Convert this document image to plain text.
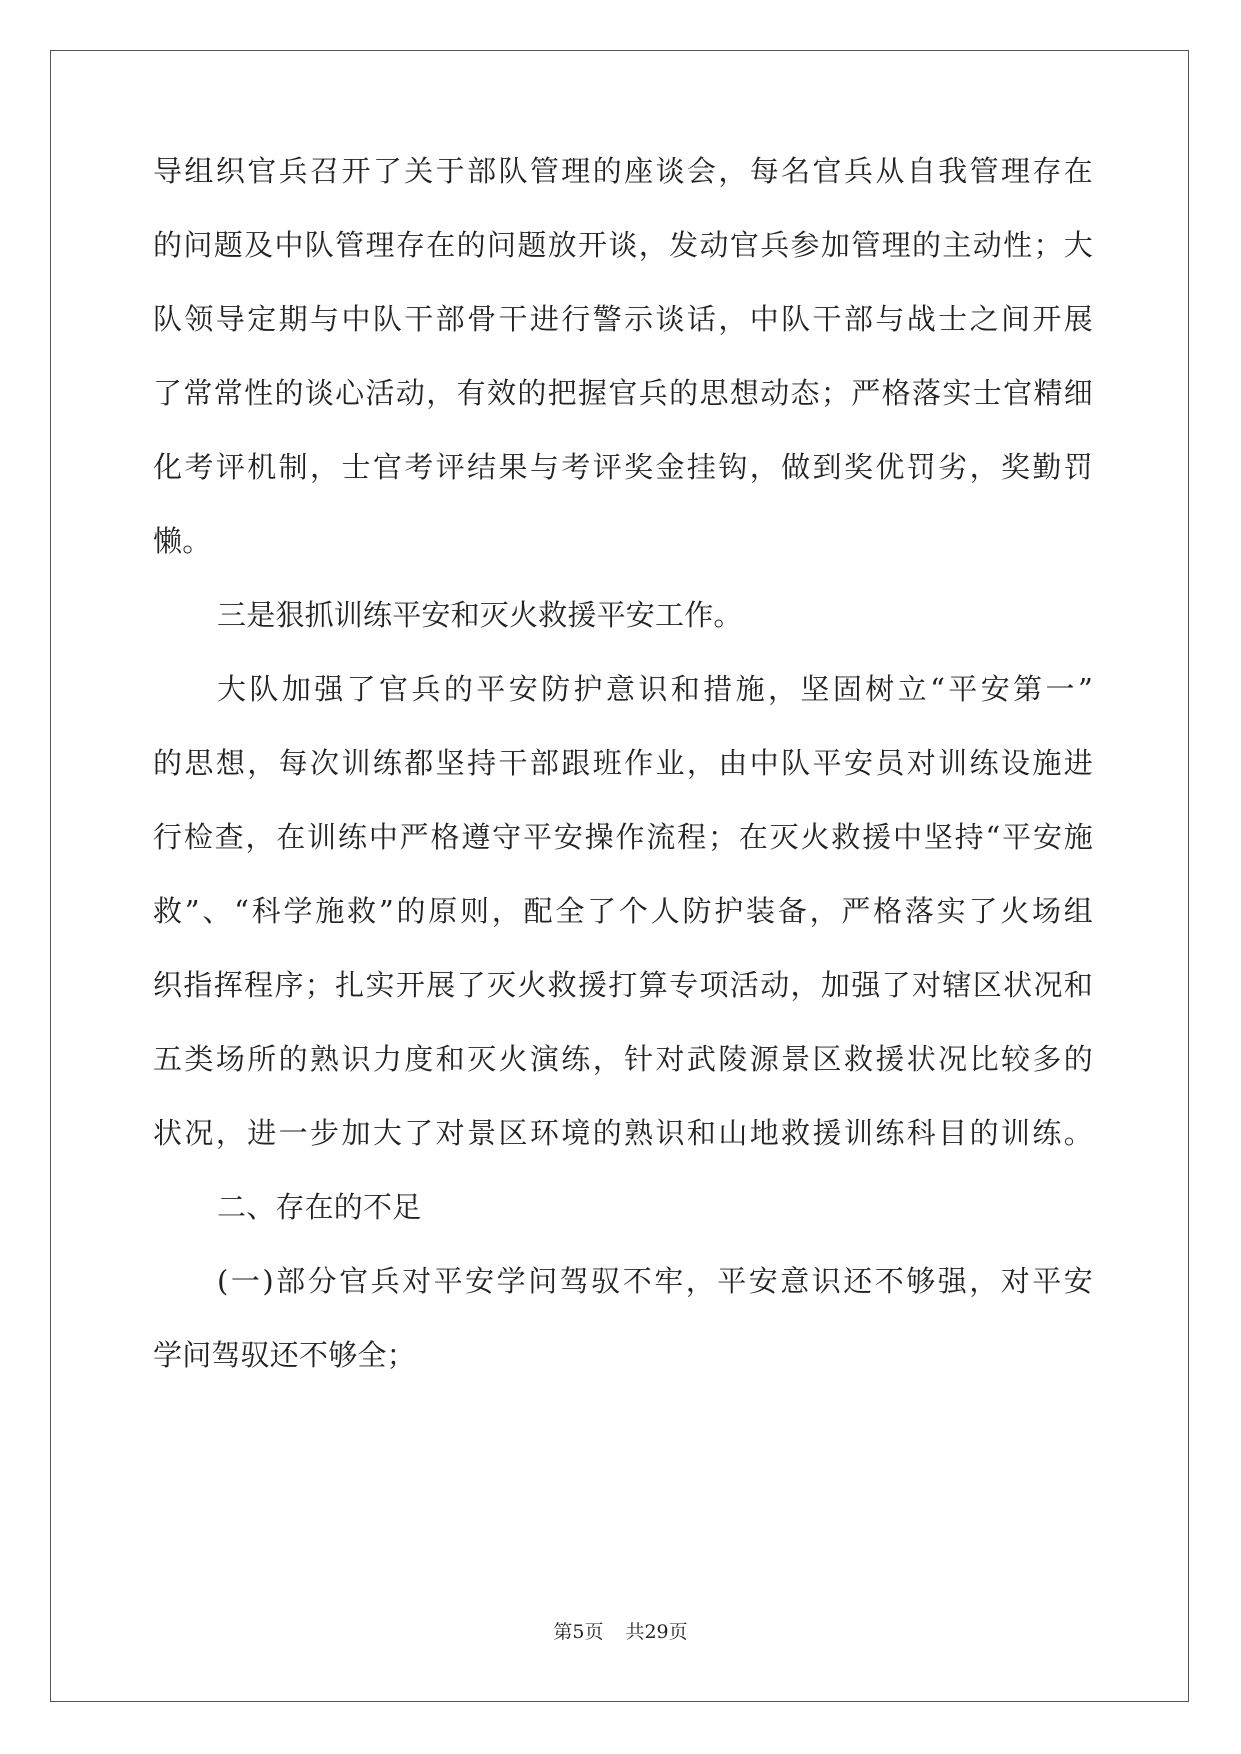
导组织官兵召开了关于部队管理的座谈会，每名官兵从自我管理存在
的问题及中队管理存在的问题放开谈，发动官兵参加管理的主动性；大
队领导定期与中队干部骨干进行警示谈话，中队干部与战士之间开展
了常常性的谈心活动，有效的把握官兵的思想动态；严格落实士官精细
化考评机制，士官考评结果与考评奖金挂钩，做到奖优罚劣，奖勤罚
懒。
三是狠抓训练平安和灭火救援平安工作。
大队加强了官兵的平安防护意识和措施，坚固树立“平安第一”
的思想，每次训练都坚持干部跟班作业，由中队平安员对训练设施进
行检查，在训练中严格遵守平安操作流程；在灭火救援中坚持“平安施
救”、“科学施救”的原则，配全了个人防护装备，严格落实了火场组
织指挥程序；扎实开展了灭火救援打算专项活动，加强了对辖区状况和
五类场所的熟识力度和灭火演练，针对武陵源景区救援状况比较多的
状况，进一步加大了对景区环境的熟识和山地救援训练科目的训练。
二、存在的不足
(一)部分官兵对平安学问驾驭不牢，平安意识还不够强，对平安
学问驾驭还不够全；
第5页 共29页
